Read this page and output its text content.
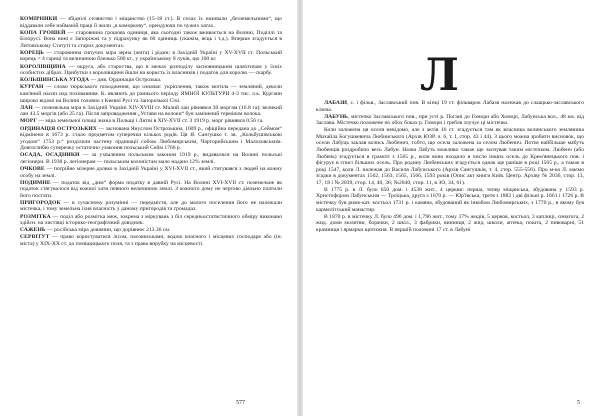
КОМІРНИКИ — збіднілі селянство і міщанство (15-18 ст.). В селах їх називали „безземельними“, що віддавали себе найманій праці й жили „в коморкову“, орендуючи по чужих хатах.

КОПА ГРОШЕЙ — старовинна грошова одиниця, яка сьогодні також вживається на Волині, Поділлі та Білорусі. Вона нині є Запоріжжі та у підрахунку як 60 одиниць (скажім, яєць і т.д.). Вперше згадується в Литовському Статуті та старих документах.

КОРЕЦЬ — старовинна сипучих міра зерна (жита) і рідин; в Західній Україні у XV-XVII ст. Польський корець = 4 гарнці та величиною близько 500 кг., у українському 8 луків, що 100 кг.

КОРОЛІВЩИНА — округа, або староства, що в межах розподілу засновницьким шляхтичам у їхніх особистих дібрах. Прибутки з королівщини йшли на користь їх власників і податок для королю — скарбу.

КОЛЬШИНСЬКА УГОДА — див. Ординація Острозька.

КУРГАН — слово тюркського походження, що означає: укріплення, також могила — земляний, деколи кам'яний насип над похованням. К. являють до раннього періоду ЯМНОЇ КУЛЬТУРИ 4-3 тис. л.к. Кургани широко відомі на Волині головно з Києвої Русі та Запорозької Січі.

ЛАН — поземельна міра в Західній Україні XIV-XVIII ст. Малий лан рівнявся 30 моргам (16.8 га); великий лан 43.5 моргів (або 25 га). Після запровадження „Устави на волоки“ був замінений терміном волока.

МОРГ — міра земельної площі знана в Польщі і Литві в XIV-XVII ст. З 1919 р. морг рівнявся 0.56 га.

ОРДИНАЦІЯ ОСТРОЗЬКИХ — заснована Януслом Острозьким, 1609 р., офіційна передана до „Сеймом“ відмінено в 1673 р. стало предметом суперечки кількох родів. Ця Я. Санґушко т. зв. „Кольбушівською угодою“ 1753 р.“ розділили частину ординації собою Любомирським, Чарторийським і Малоховським. Довгоглибю суперечку остаточно узаконив польський Сейм 1766 р.

ОСАДА, ОСАДНИКИ — за ухваленим польським законом 1919 р., видавалися на Волині польські легіонери. В 1938 р. легіонерам — польським колоністам мало надано 12% землі.

ОЧКОВЕ — потрійне мізерне далеко в Західній Україні у XVI-XVII ст., який стягувався з людей на кожну особу на землі.

ПОДИМНЕ — податок від „дим“ форма податку в давній Русі. На Волині XVI-XVII ст. поземельне як податок стягувалося від кожної хати певного величиною землі. З кожного дому не чергово діяльно платили його постати.

ПРИГОРОДОК — в сучасному розумінні — передмістя, але до малого поселення його не належали містечка, і тому земельна їхня власність у даному пригородів та громадах.

РОЗМІТКА — поділ або розмітка меж, зокрема з міркувань з біл середньостатистичного обміру виконано здійсн. на листівці історико-географічний довідник.

САЖЕНЬ — російська міра довжини, що дорівнює 213.36 см.

СЕРВІТУТ — право користуватися лісом, пасовиськами, водою власного і місцевих господаря або (ін. міста) у XIX-XX ст. до поміщицького поля, та з права вирубку на місцевості.

577
Л

ЛАБАЗИ, с. і фільв., Заславський пов. В кінці 19 ст. фільварок Лабазя належав до слаацько-заславського ключа.

ЛАБУНЬ, містечко Заславського пов., при усті р. Погані до Гомори або Хоморі, Лабунська вол., 48 км. від Заслава. Містечко положене по обох боках р. Гомори і гребля злучує ці містечко.

Коли заложена ця оселя невідомо, але з актів 16 ст. згадується там як власника волинського землянина Михайла Богушкевича Любинського (Архів ЮЗР. ч. 6, т. I, стор. 43 і 44). З цього можна зробити висновок, що осели Лабуць заклав колись Любенич, тобто, що осела заложена за селом Любенич. Потім найбільше мабуть Любенців роздробило весь Лабун. Назва Лабуть можливо також ще заснував таким містечком. Любенч (або Любень) згадується в грамоті з 1565 р., коли воно входило в число інших осель до Крем'янецького пов. і фігурує в списі більших осель. Про родину Любенських згадується однак ще раніше в році 1565 р., а також в році 1547, коли Л. належав до Василя Лабунського (Архів Сангушків, т. 4, стор. 555-556). Про м-ко Л. маємо згадки в документах 1562, 1563, 1565, 1566, 1593 років (Опис акт книги Київ. Центр. Архіву № 2036, стор. 13, 17, 18 і № 2039, стор. 14, 40, 36; №2040, стор. 11, в ЗО, 34, 61).

В 1775 р. в Л. було 650 дом. і 4538 жит., 4 церкви: перша, тепер міщанська, збудована у 1593 р. Христофором Лабунським — Троїцька, друга з 1670 р. — Юр'ївська, третя з 1882 і дві фільні р. 1661 і 1726 р. В містечку був римо-кат. костьол 1731 р. і камяна, збудований як інкобом Любомирських, з 1770 р., в якому був кармелітський манастир.

В 1870 р. в містечку Л. було 496 дом. і 1,796 жит., тому 37% жидів, 5 церков, костьол, 3 каплиці, синагога, 2 жид. доми молитви, борачки, 2 шкіл., 3 фабрики, винниця, 2 жид. школи, аптека, пошта, 2 пивоварні, 51 крамниця і ярмарки щотижня. В першій половині 17 ст. в Лабуні

5
